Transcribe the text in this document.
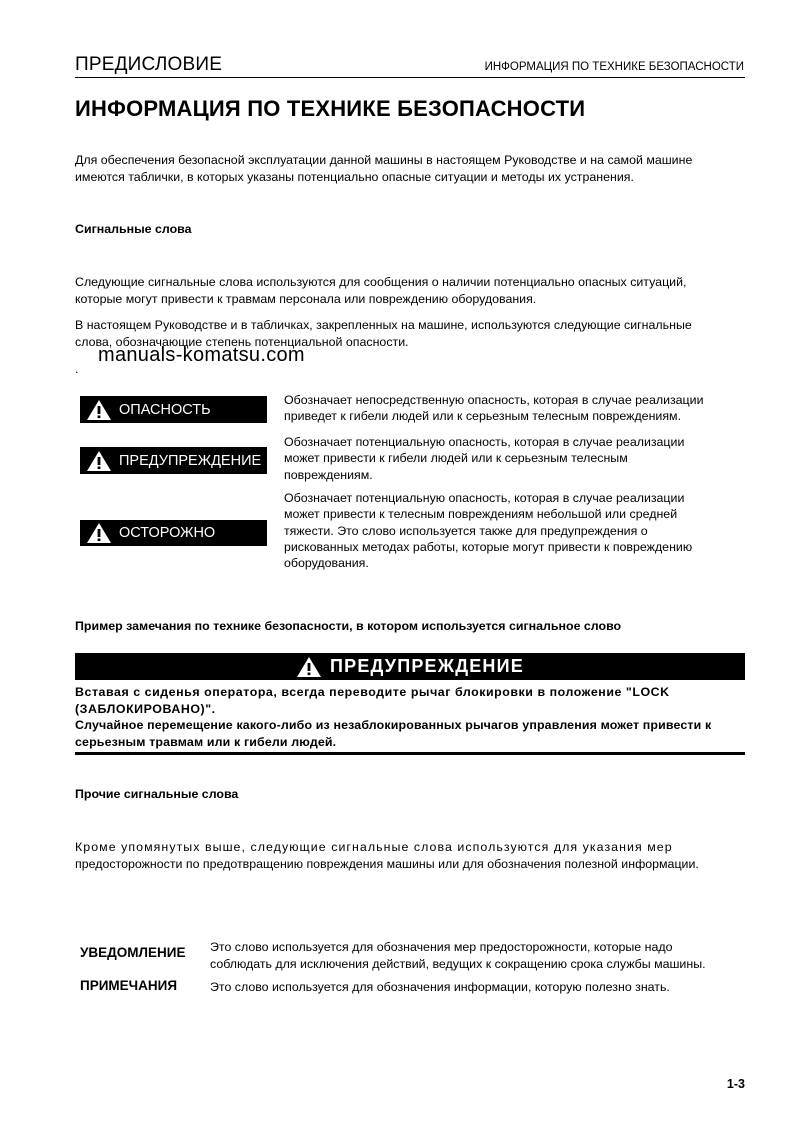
ПРЕДИСЛОВИЕ	ИНФОРМАЦИЯ ПО ТЕХНИКЕ БЕЗОПАСНОСТИ
ИНФОРМАЦИЯ ПО ТЕХНИКЕ БЕЗОПАСНОСТИ
Для обеспечения безопасной эксплуатации данной машины в настоящем Руководстве и на самой машине
имеются таблички, в которых указаны потенциально опасные ситуации и методы их устранения.
Сигнальные слова
Следующие сигнальные слова используются для сообщения о наличии потенциально опасных ситуаций,
которые могут привести к травмам персонала или повреждению оборудования.
В настоящем Руководстве и в табличках, закрепленных на машине, используются следующие сигнальные
слова, обозначающие степень потенциальной опасности.
manuals-komatsu.com
.
ОПАСНОСТЬ
Обозначает непосредственную опасность, которая в случае реализации
приведет к гибели людей или к серьезным телесным повреждениям.
ПРЕДУПРЕЖДЕНИЕ
Обозначает потенциальную опасность, которая в случае реализации
может привести к гибели людей или к серьезным телесным
повреждениям.
ОСТОРОЖНО
Обозначает потенциальную опасность, которая в случае реализации
может привести к телесным повреждениям небольшой или средней
тяжести. Это слово используется также для предупреждения о
рискованных методах работы, которые могут привести к повреждению
оборудования.
Пример замечания по технике безопасности, в котором используется сигнальное слово
ПРЕДУПРЕЖДЕНИЕ
Вставая с сиденья оператора, всегда переводите рычаг блокировки в положение "LOCK
(ЗАБЛОКИРОВАНО)".
Случайное перемещение какого-либо из незаблокированных рычагов управления может привести к
серьезным травмам или к гибели людей.
Прочие сигнальные слова
Кроме упомянутых выше, следующие сигнальные слова используются для указания мер
предосторожности по предотвращению повреждения машины или для обозначения полезной информации.
УВЕДОМЛЕНИЕ Это слово используется для обозначения мер предосторожности, которые надо
соблюдать для исключения действий, ведущих к сокращению срока службы машины.
ПРИМЕЧАНИЯ	Это слово используется для обозначения информации, которую полезно знать.
1-3
